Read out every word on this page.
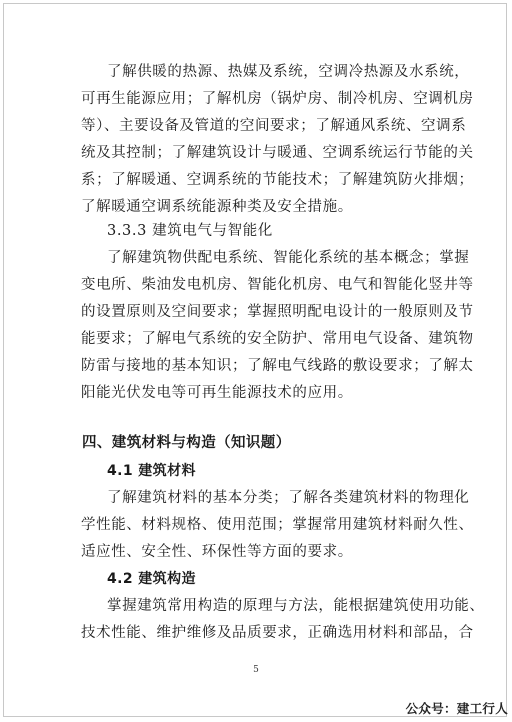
了解供暖的热源、热媒及系统，空调冷热源及水系统，
可再生能源应用；了解机房（锅炉房、制冷机房、空调机房
等）、主要设备及管道的空间要求；了解通风系统、空调系
统及其控制；了解建筑设计与暖通、空调系统运行节能的关
系；了解暖通、空调系统的节能技术；了解建筑防火排烟；
了解暖通空调系统能源种类及安全措施。
3.3.3 建筑电气与智能化
了解建筑物供配电系统、智能化系统的基本概念；掌握
变电所、柴油发电机房、智能化机房、电气和智能化竖井等
的设置原则及空间要求；掌握照明配电设计的一般原则及节
能要求；了解电气系统的安全防护、常用电气设备、建筑物
防雷与接地的基本知识；了解电气线路的敷设要求；了解太
阳能光伏发电等可再生能源技术的应用。
四、建筑材料与构造（知识题）
4.1 建筑材料
了解建筑材料的基本分类；了解各类建筑材料的物理化
学性能、材料规格、使用范围；掌握常用建筑材料耐久性、
适应性、安全性、环保性等方面的要求。
4.2 建筑构造
掌握建筑常用构造的原理与方法，能根据建筑使用功能、
技术性能、维护维修及品质要求，正确选用材料和部品，合
5
公众号：建工行人
